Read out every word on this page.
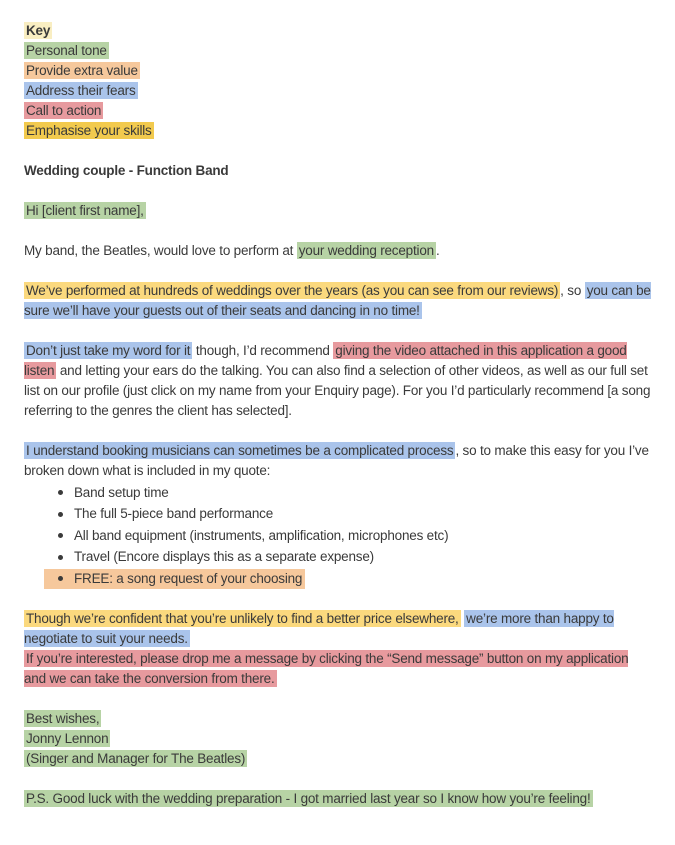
Key
Personal tone
Provide extra value
Address their fears
Call to action
Emphasise your skills
Wedding couple - Function Band

Hi [client first name],

My band, the Beatles, would love to perform at your wedding reception .

We’ve performed at hundreds of weddings over the years (as you can see from our reviews) , so you can be sure we’ll have your guests out of their seats and dancing in no time!

Don’t just take my word for it though, I’d recommend giving the video attached in this application a good listen and letting your ears do the talking. You can also find a selection of other videos, as well as our full set list on our profile (just click on my name from your Enquiry page). For you I’d particularly recommend [a song referring to the genres the client has selected].

I understand booking musicians can sometimes be a complicated process , so to make this easy for you I’ve broken down what is included in my quote:

Band setup time
The full 5-piece band performance
All band equipment (instruments, amplification, microphones etc)
Travel (Encore displays this as a separate expense)
FREE: a song request of your choosing

Though we’re confident that you’re unlikely to find a better price elsewhere, we’re more than happy to negotiate to suit your needs.
If you’re interested, please drop me a message by clicking the “Send message” button on my application and we can take the conversion from there.

Best wishes,
Jonny Lennon
(Singer and Manager for The Beatles)

P.S. Good luck with the wedding preparation - I got married last year so I know how you’re feeling!
